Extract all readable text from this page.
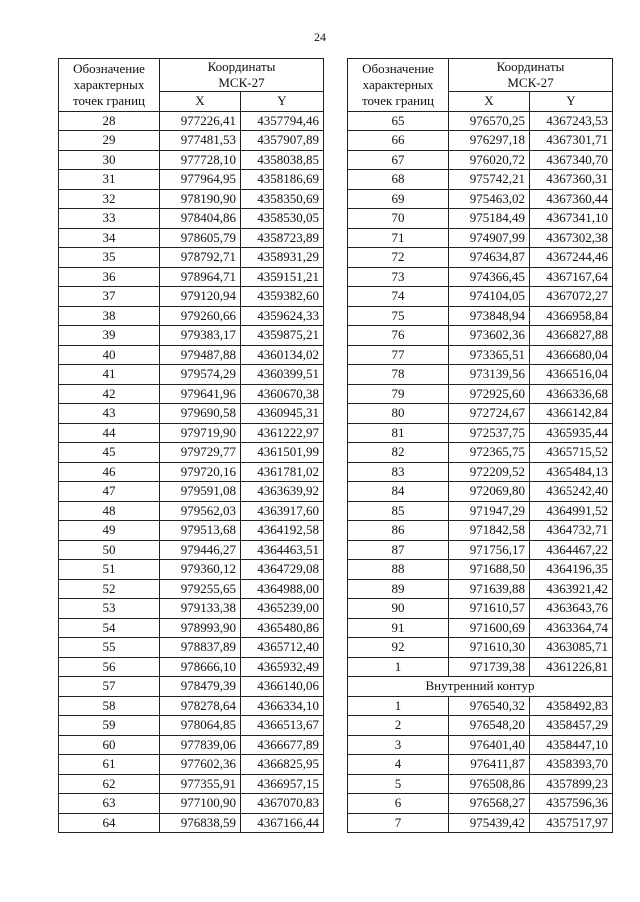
24
Обозначение
характерных
точек границ	Координаты
МСК-27	
	X	Y
28	977226,41	4357794,46
29	977481,53	4357907,89
30	977728,10	4358038,85
31	977964,95	4358186,69
32	978190,90	4358350,69
33	978404,86	4358530,05
34	978605,79	4358723,89
35	978792,71	4358931,29
36	978964,71	4359151,21
37	979120,94	4359382,60
38	979260,66	4359624,33
39	979383,17	4359875,21
40	979487,88	4360134,02
41	979574,29	4360399,51
42	979641,96	4360670,38
43	979690,58	4360945,31
44	979719,90	4361222,97
45	979729,77	4361501,99
46	979720,16	4361781,02
47	979591,08	4363639,92
48	979562,03	4363917,60
49	979513,68	4364192,58
50	979446,27	4364463,51
51	979360,12	4364729,08
52	979255,65	4364988,00
53	979133,38	4365239,00
54	978993,90	4365480,86
55	978837,89	4365712,40
56	978666,10	4365932,49
57	978479,39	4366140,06
58	978278,64	4366334,10
59	978064,85	4366513,67
60	977839,06	4366677,89
61	977602,36	4366825,95
62	977355,91	4366957,15
63	977100,90	4367070,83
64	976838,59	4367166,44
Обозначение
характерных
точек границ	Координаты
МСК-27	
	X	Y
65	976570,25	4367243,53
66	976297,18	4367301,71
67	976020,72	4367340,70
68	975742,21	4367360,31
69	975463,02	4367360,44
70	975184,49	4367341,10
71	974907,99	4367302,38
72	974634,87	4367244,46
73	974366,45	4367167,64
74	974104,05	4367072,27
75	973848,94	4366958,84
76	973602,36	4366827,88
77	973365,51	4366680,04
78	973139,56	4366516,04
79	972925,60	4366336,68
80	972724,67	4366142,84
81	972537,75	4365935,44
82	972365,75	4365715,52
83	972209,52	4365484,13
84	972069,80	4365242,40
85	971947,29	4364991,52
86	971842,58	4364732,71
87	971756,17	4364467,22
88	971688,50	4364196,35
89	971639,88	4363921,42
90	971610,57	4363643,76
91	971600,69	4363364,74
92	971610,30	4363085,71
1	971739,38	4361226,81
Внутренний контур		
1	976540,32	4358492,83
2	976548,20	4358457,29
3	976401,40	4358447,10
4	976411,87	4358393,70
5	976508,86	4357899,23
6	976568,27	4357596,36
7	975439,42	4357517,97
